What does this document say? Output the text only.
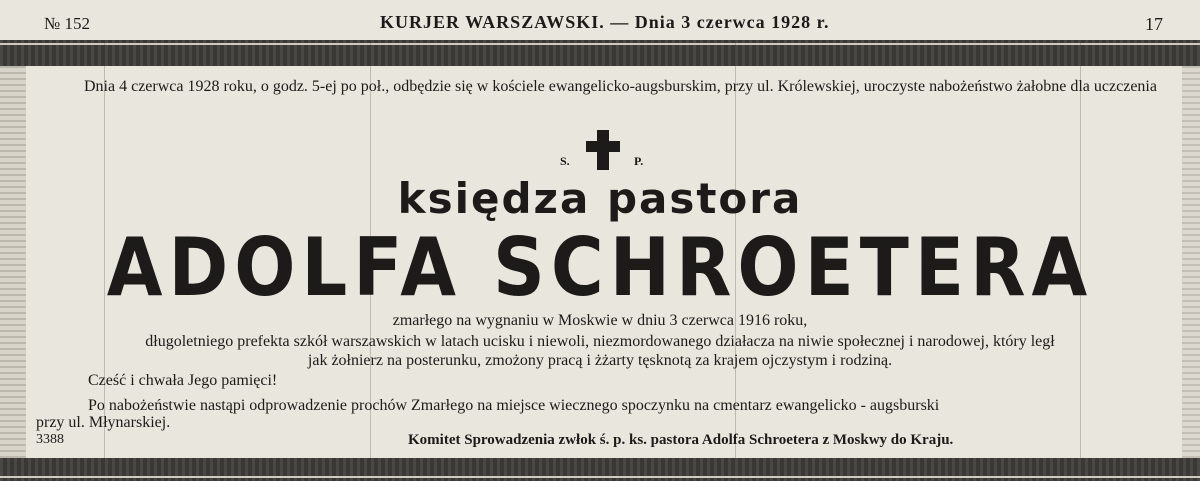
№ 152	KURJER WARSZAWSKI. — Dnia 3 czerwca 1928 r.	17
Dnia 4 czerwca 1928 roku, o godz. 5-ej po poł., odbędzie się w kościele ewangelicko-augsburskim, przy ul. Królewskiej, uroczyste nabożeństwo żałobne dla uczczenia
S.	P.
księdza pastora
ADOLFA SCHROETERA
zmarłego na wygnaniu w Moskwie w dniu 3 czerwca 1916 roku,
długoletniego prefekta szkół warszawskich w latach ucisku i niewoli, niezmordowanego działacza na niwie społecznej i narodowej, który legł
jak żołnierz na posterunku, zmożony pracą i żżarty tęsknotą za krajem ojczystym i rodziną.
Cześć i chwała Jego pamięci!
Po nabożeństwie nastąpi odprowadzenie prochów Zmarłego na miejsce wiecznego spoczynku na cmentarz ewangelicko - augsburski
przy ul. Młynarskiej.
3388	Komitet Sprowadzenia zwłok ś. p. ks. pastora Adolfa Schroetera z Moskwy do Kraju.
